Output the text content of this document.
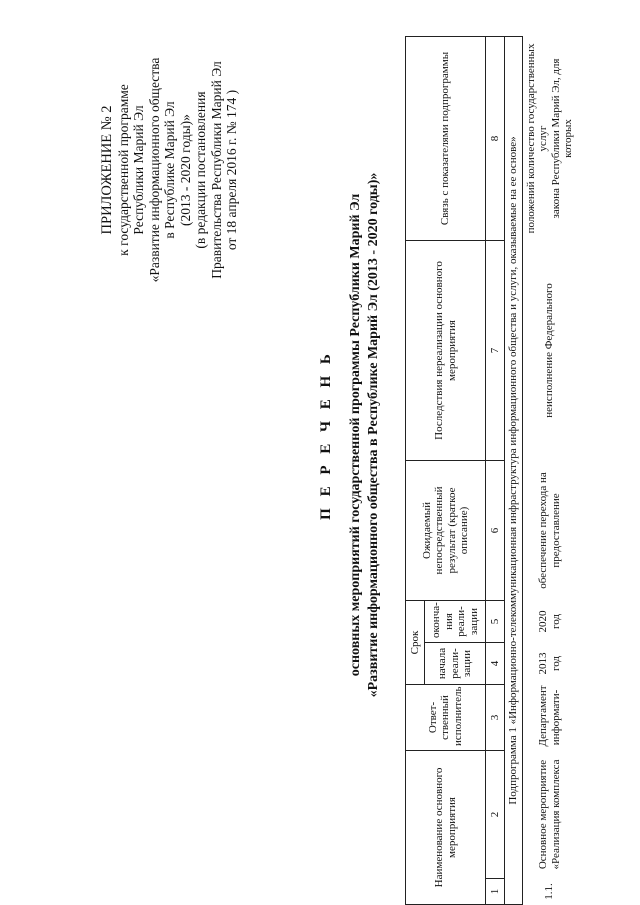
ПРИЛОЖЕНИЕ № 2 к государственной программе Республики Марий Эл «Развитие информационного общества в Республике Марий Эл (2013 - 2020 годы)» (в редакции постановления Правительства Республики Марий Эл от 18 апреля 2016 г. № 174 )
П Е Р Е Ч Е Н Ь основных мероприятий государственной программы Республики Марий Эл «Развитие информационного общества в Республике Марий Эл (2013 - 2020 годы)»
Наименование основного мероприятия		Ответ-ственный исполнитель	Срок		Ожидаемый непосредственный результат (краткое описание)	Последствия нереализации основного мероприятия	Связь с показателями подпрограммы
			начала реали-зации	оконча-ния реали-зации			
1	2	3	4	5	6	7	8
Подпрограмма 1 «Информационно-телекоммуникационная инфраструктура информационного общества и услуги, оказываемые на ее основе»							
1.1.	Основное мероприятие «Реализация комплекса	Департамент информати-	2013 год	2020 год	обеспечение перехода на предоставление	неисполнение Федерального	положений количество государственных услуг закона Республики Марий Эл, для которых
